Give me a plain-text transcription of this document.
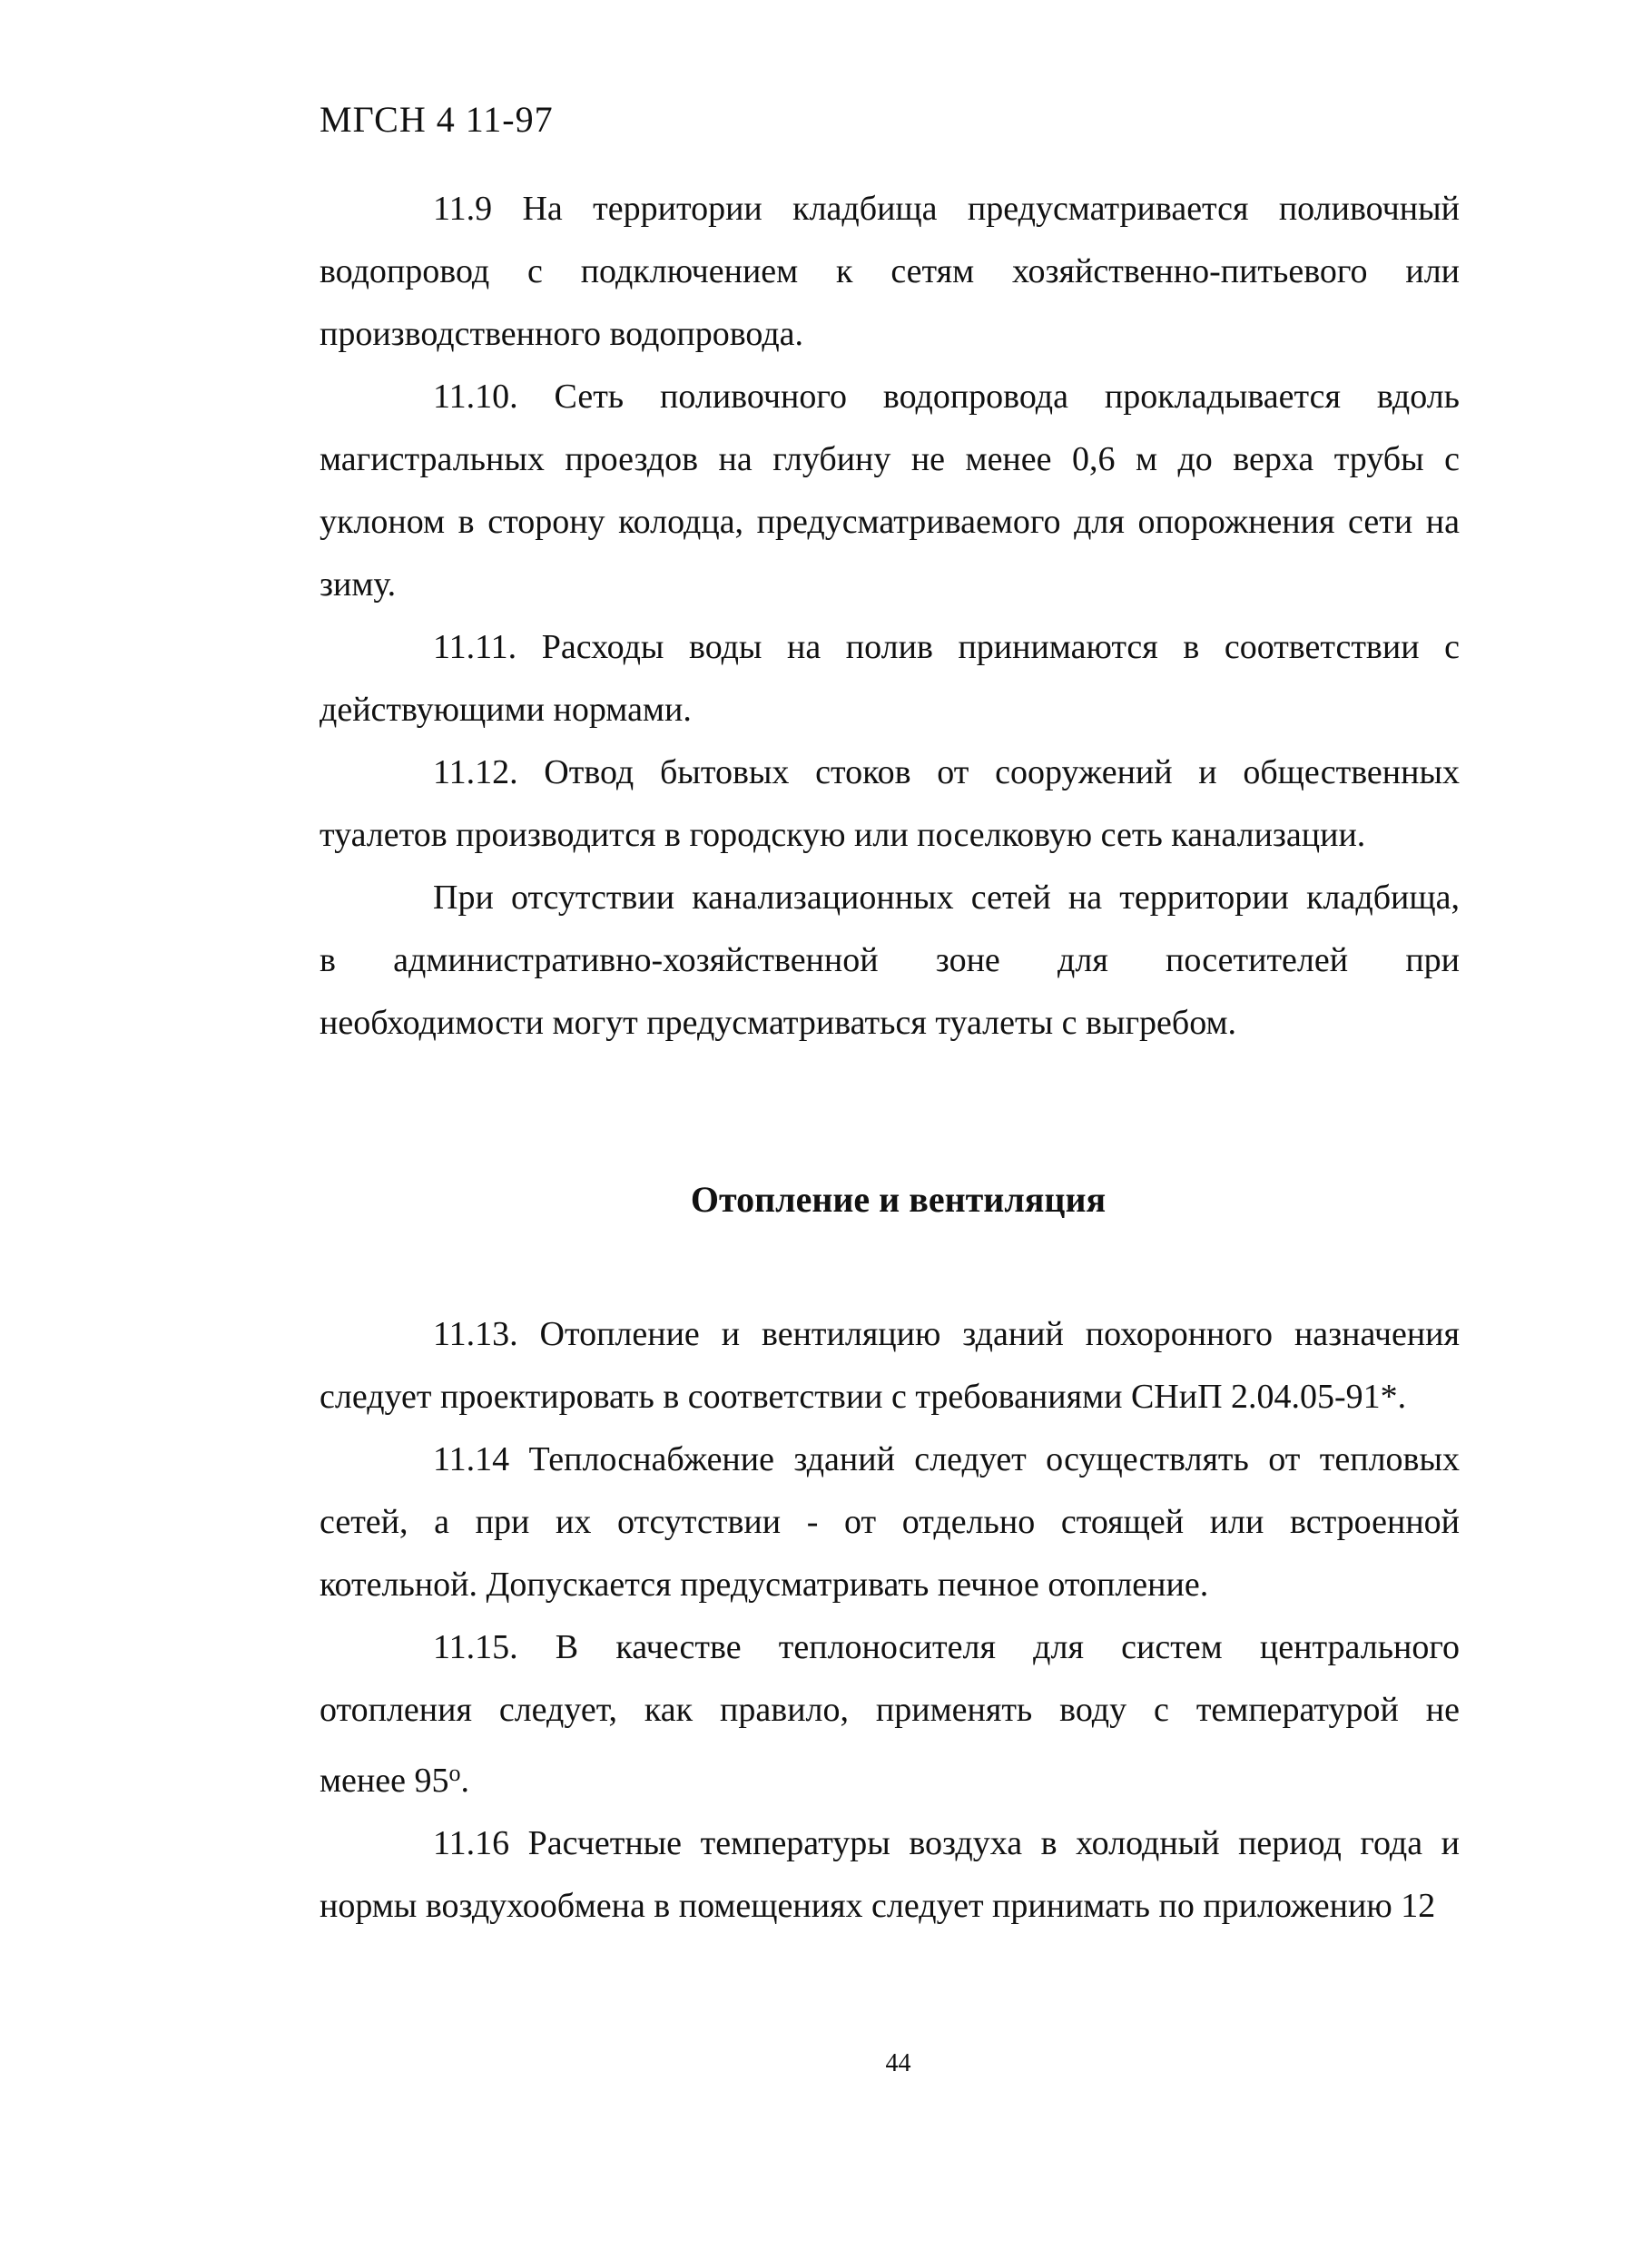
МГСН 4 11-97
11.9 На территории кладбища предусматривается поливочный
водопровод с подключением к сетям хозяйственно-питьевого или
производственного водопровода.
11.10. Сеть поливочного водопровода прокладывается вдоль
магистральных проездов на глубину не менее 0,6 м до верха трубы с
уклоном в сторону колодца, предусматриваемого для опорожнения сети на
зиму.
11.11. Расходы воды на полив принимаются в соответствии с
действующими нормами.
11.12. Отвод бытовых стоков от сооружений и общественных
туалетов производится в городскую или поселковую сеть канализации.
При отсутствии канализационных сетей на территории кладбища,
в административно-хозяйственной зоне для посетителей при
необходимости могут предусматриваться туалеты с выгребом.
Отопление и вентиляция
11.13. Отопление и вентиляцию зданий похоронного назначения
следует проектировать в соответствии с требованиями СНиП 2.04.05-91*.
11.14 Теплоснабжение зданий следует осуществлять от тепловых
сетей, а при их отсутствии - от отдельно стоящей или встроенной
котельной. Допускается предусматривать печное отопление.
11.15. В качестве теплоносителя для систем центрального
отопления следует, как правило, применять воду с температурой не
менее $95^о$.
11.16 Расчетные температуры воздуха в холодный период года и
нормы воздухообмена в помещениях следует принимать по приложению 12
44
